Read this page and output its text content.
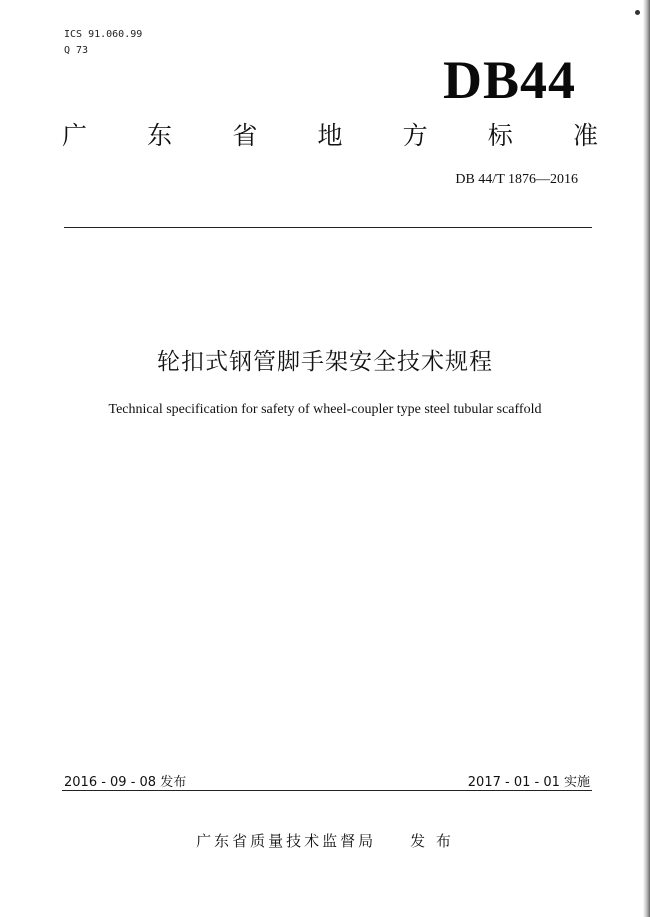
ICS 91.060.99
Q 73	DB44
广 东 省 地 方 标 准
DB 44/T 1876—2016
轮扣式钢管脚手架安全技术规程
Technical specification for safety of wheel-coupler type steel tubular scaffold
2016 - 09 - 08 发布	2017 - 01 - 01 实施
广东省质量技术监督局 发 布
